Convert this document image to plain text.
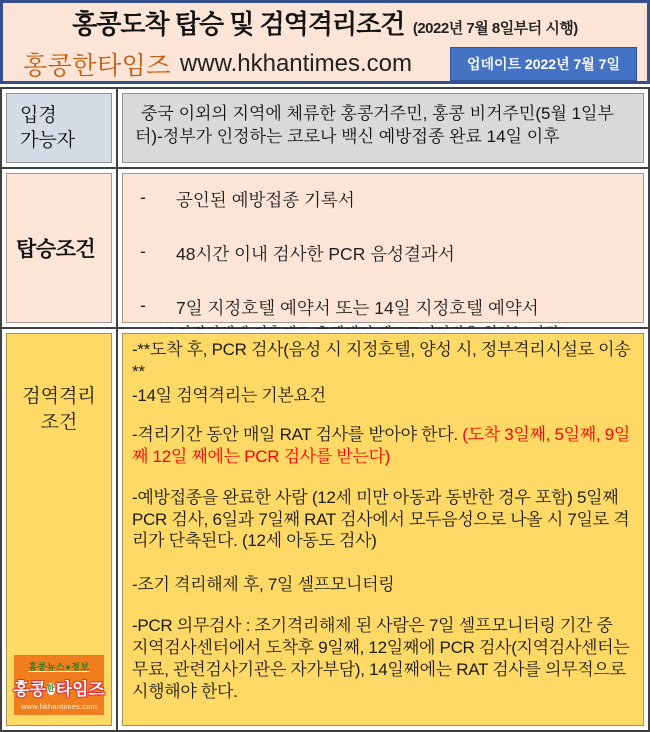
홍콩도착 탑승 및 검역격리조건 (2022년 7월 8일부터 시행)
홍콩한타임즈 www.hkhantimes.com	업데이트 2022년 7월 7일
입경
가능자
중국 이외의 지역에 체류한 홍콩거주민, 홍콩 비거주민(5월 1일부터)-정부가 인정하는 코로나 백신 예방접종 완료 14일 이후
탑승조건
-	공인된 예방접종 기록서
-	48시간 이내 검사한 PCR 음성결과서
-	7일 지정호텔 예약서 또는 14일 지정호텔 예약서
검역격리
조건
홍콩뉴스●정보
홍콩 한 타임즈
www.hkhantimes.com

-**도착 후, PCR 검사(음성 시 지정호텔, 양성 시, 정부격리시설로 이송**

-14일 검역격리는 기본요건

-격리기간 동안 매일 RAT 검사를 받아야 한다. (도착 3일째, 5일째, 9일째 12일 째에는 PCR 검사를 받는다)

-예방접종을 완료한 사람 (12세 미만 아동과 동반한 경우 포함) 5일째 PCR 검사, 6일과 7일째 RAT 검사에서 모두음성으로 나올 시 7일로 격리가 단축된다. (12세 아동도 검사)

-조기 격리해제 후, 7일 셀프모니터링

-PCR 의무검사 : 조기격리해제 된 사람은 7일 셀프모니터링 기간 중 지역검사센터에서 도착후 9일째, 12일째에 PCR 검사(지역검사센터는 무료, 관련검사기관은 자가부담), 14일째에는 RAT 검사를 의무적으로 시행해야 한다.
